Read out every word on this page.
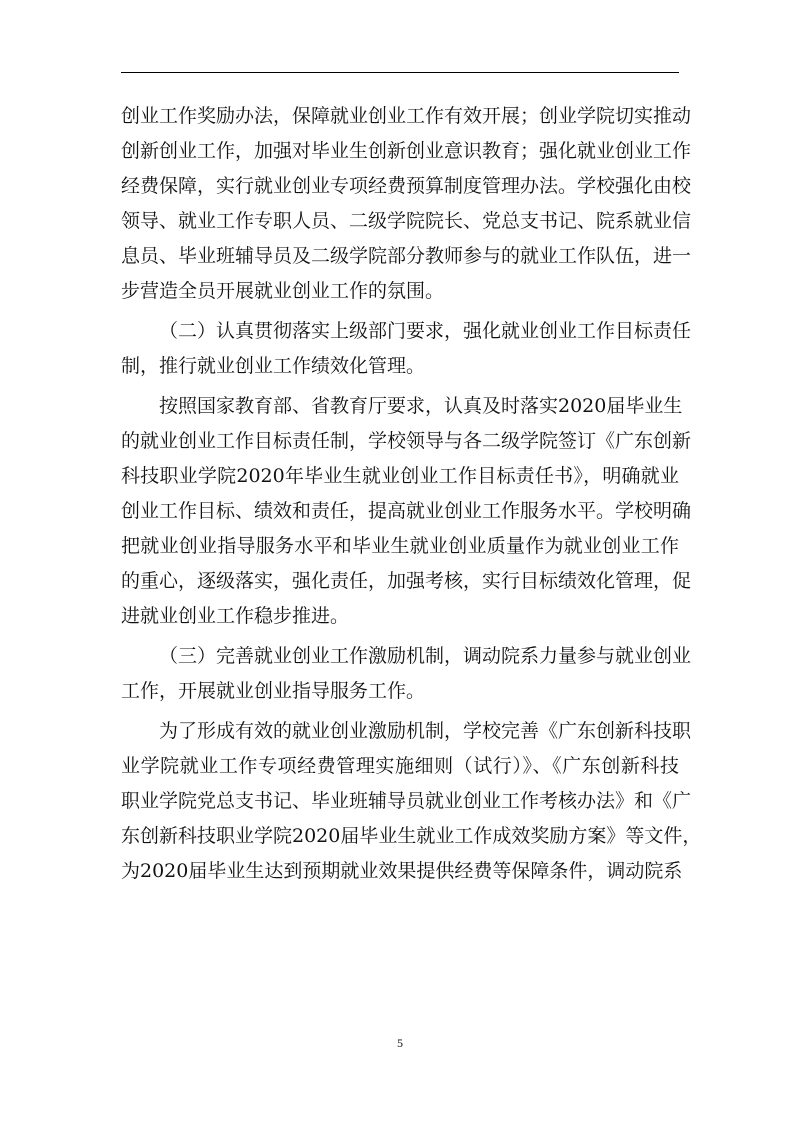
创业工作奖励办法，保障就业创业工作有效开展；创业学院切实推动
创新创业工作，加强对毕业生创新创业意识教育；强化就业创业工作
经费保障，实行就业创业专项经费预算制度管理办法。学校强化由校
领导、就业工作专职人员、二级学院院长、党总支书记、院系就业信
息员、毕业班辅导员及二级学院部分教师参与的就业工作队伍，进一
步营造全员开展就业创业工作的氛围。
（二）认真贯彻落实上级部门要求，强化就业创业工作目标责任
制，推行就业创业工作绩效化管理。
按照国家教育部、省教育厅要求，认真及时落实2020届毕业生
的就业创业工作目标责任制，学校领导与各二级学院签订《广东创新
科技职业学院2020年毕业生就业创业工作目标责任书》，明确就业
创业工作目标、绩效和责任，提高就业创业工作服务水平。学校明确
把就业创业指导服务水平和毕业生就业创业质量作为就业创业工作
的重心，逐级落实，强化责任，加强考核，实行目标绩效化管理，促
进就业创业工作稳步推进。
（三）完善就业创业工作激励机制，调动院系力量参与就业创业
工作，开展就业创业指导服务工作。
为了形成有效的就业创业激励机制，学校完善《广东创新科技职
业学院就业工作专项经费管理实施细则（试行）》、《广东创新科技
职业学院党总支书记、毕业班辅导员就业创业工作考核办法》和《广
东创新科技职业学院2020届毕业生就业工作成效奖励方案》等文件，
为2020届毕业生达到预期就业效果提供经费等保障条件，调动院系
5
